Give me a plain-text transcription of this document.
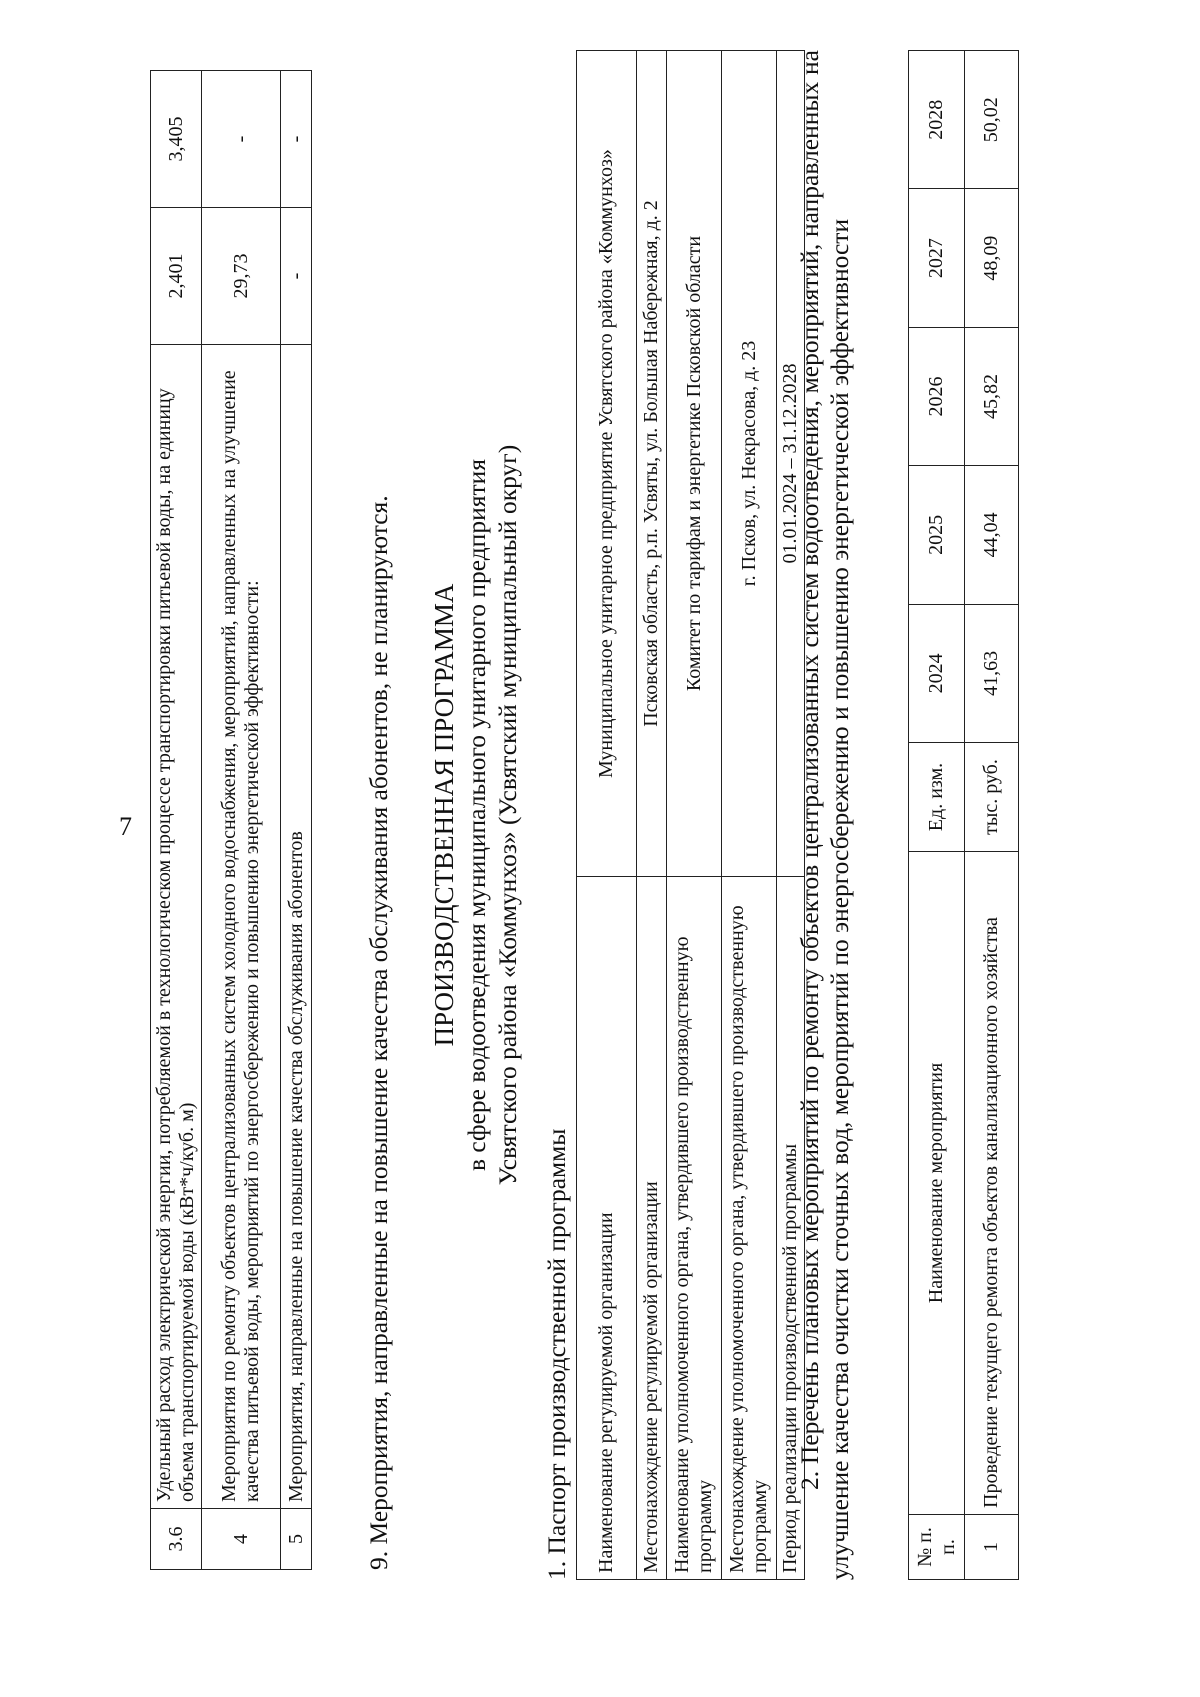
7
3.6	Удельный расход электрической энергии, потребляемой в технологическом процессе транспортировки питьевой воды, на единицу объема транспортируемой воды (кВт*ч/куб. м)	2,401	3,405
4	Мероприятия по ремонту объектов централизованных систем холодного водоснабжения, мероприятий, направленных на улучшение качества питьевой воды, мероприятий по энергосбережению и повышению энергетической эффективности:	29,73	-
5	Мероприятия, направленные на повышение качества обслуживания абонентов	-	-
9. Мероприятия, направленные на повышение качества обслуживания абонентов, не планируются. ПРОИЗВОДСТВЕННАЯ ПРОГРАММА в сфере водоотведения муниципального унитарного предприятия Усвятского района «Коммунхоз» (Усвятский муниципальный округ)
1. Паспорт производственной программы Наименование регулируемой организации	Муниципальное унитарное предприятие Усвятского района «Коммунхоз»
Местонахождение регулируемой организации	Псковская область, р.п. Усвяты, ул. Большая Набережная, д. 2
Наименование уполномоченного органа, утвердившего производственную программу	Комитет по тарифам и энергетике Псковской области
Местонахождение уполномоченного органа, утвердившего производственную программу	г. Псков, ул. Некрасова, д. 23
Период реализации производственной программы	01.01.2024 – 31.12.2028
2. Перечень плановых мероприятий по ремонту объектов централизованных систем водоотведения, мероприятий, направленных на улучшение качества очистки сточных вод, мероприятий по энергосбережению и повышению энергетической эффективности	№ п. п.	Наименование мероприятия	Ед. изм.	2024	2025	2026	2027	2028
1	Проведение текущего ремонта объектов канализационного хозяйства	тыс. руб.	41,63	44,04	45,82	48,09	50,02
